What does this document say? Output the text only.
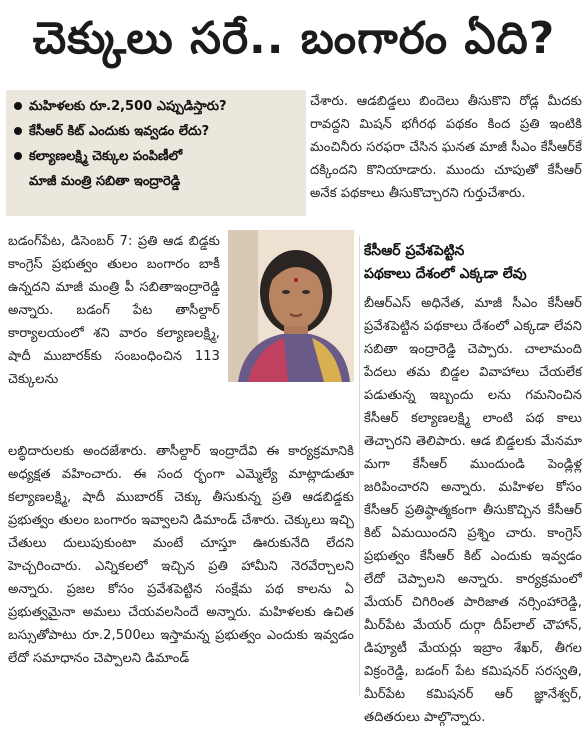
చెక్కులు సరే.. బంగారం ఏది?
మహిళలకు రూ.2,500 ఎప్పుడిస్తారు?
కేసీఆర్ కిట్ ఎందుకు ఇవ్వడం లేదు?
కల్యాణలక్ష్మి చెక్కుల పంపిణీలో
మాజీ మంత్రి సబితా ఇంద్రారెడ్డి

చేశారు. ఆడబిడ్డలు బిందెలు తీసుకొని రోడ్ల మీదకు రావద్దని మిషన్ భగీరథ పథకం కింద ప్రతి ఇంటికి మంచినీరు సరఫరా చేసిన ఘనత మాజీ సీఎం కేసీఆర్‌కే దక్కిందని కొనియాడారు. ముందు చూపుతో కేసీఆర్ అనేక పథకాలు తీసుకొచ్చారని గుర్తుచేశారు.

బడంగ్‌పేట, డిసెంబర్ 7: ప్రతి ఆడ బిడ్డకు కాంగ్రెస్ ప్రభుత్వం తులం బంగారం బాకీ ఉన్నదని మాజీ మంత్రి పీ సబితాఇంద్రారెడ్డి అన్నారు. బడంగ్ పేట తాసీల్దార్ కార్యాలయంలో శని వారం కల్యాణలక్ష్మి, షాదీ ముబారక్‌కు సంబంధించిన 113 చెక్కులను

లబ్ధిదారులకు అందజేశారు. తాసీల్దార్ ఇంద్రాదేవి ఈ కార్యక్రమానికి అధ్యక్షత వహించారు. ఈ సంద ర్భంగా ఎమ్మెల్యే మాట్లాడుతూ కల్యాణలక్ష్మి, షాదీ ముబారక్ చెక్కు తీసుకున్న ప్రతి ఆడబిడ్డకు ప్రభుత్వం తులం బంగారం ఇవ్వాలని డిమాండ్ చేశారు. చెక్కులు ఇచ్చి చేతులు దులుపుకుంటా మంటే చూస్తూ ఊరుకునేది లేదని హెచ్చరించారు. ఎన్నికలలో ఇచ్చిన ప్రతి హామీని నెరవేర్చాలని అన్నారు. ప్రజల కోసం ప్రవేశపెట్టిన సంక్షేమ పథ కాలను ఏ ప్రభుత్వమైనా అమలు చేయవలసిందే అన్నారు. మహిళలకు ఉచిత బస్సుతోపాటు రూ.2,500లు ఇస్తామన్న ప్రభుత్వం ఎందుకు ఇవ్వడం లేదో సమాధానం చెప్పాలని డిమాండ్

కేసీఆర్ ప్రవేశపెట్టిన
పథకాలు దేశంలో ఎక్కడా లేవు

బీఆర్ఎస్ అధినేత, మాజీ సీఎం కేసీఆర్ ప్రవేశపెట్టిన పథకాలు దేశంలో ఎక్కడా లేవని సబితా ఇంద్రారెడ్డి చెప్పారు. చాలామంది పేదలు తమ బిడ్డల వివాహాలు చేయలేక పడుతున్న ఇబ్బందు లను గమనించిన కేసీఆర్ కల్యాణలక్ష్మి లాంటి పథ కాలు తెచ్చారని తెలిపారు. ఆడ బిడ్డలకు మేనమా మగా కేసీఆర్ ముందుండి పెండ్లిళ్ల జరిపించారని అన్నారు. మహిళల కోసం కేసీఆర్ ప్రతిష్ఠాత్మకంగా తీసుకొచ్చిన కేసీఆర్ కిట్ ఏమయిందని ప్రశ్నిం చారు. కాంగ్రెస్ ప్రభుత్వం కేసీఆర్ కిట్ ఎందుకు ఇవ్వడం లేదో చెప్పాలని అన్నారు. కార్యక్రమంలో మేయర్ చిగిరింత పారిజాత నర్సింహారెడ్డి, మీర్‌పేట మేయర్ దుర్గా దీప్‌లాల్ చౌహాన్, డిప్యూటీ మేయర్లు ఇబ్రాం శేఖర్, తీగల విక్రంరెడ్డి, బడంగ్ పేట కమిషనర్ సరస్వతి, మీర్‌పేట కమిషనర్ ఆర్ జ్ఞానేశ్వర్, తదితరులు పాల్గొన్నారు.
